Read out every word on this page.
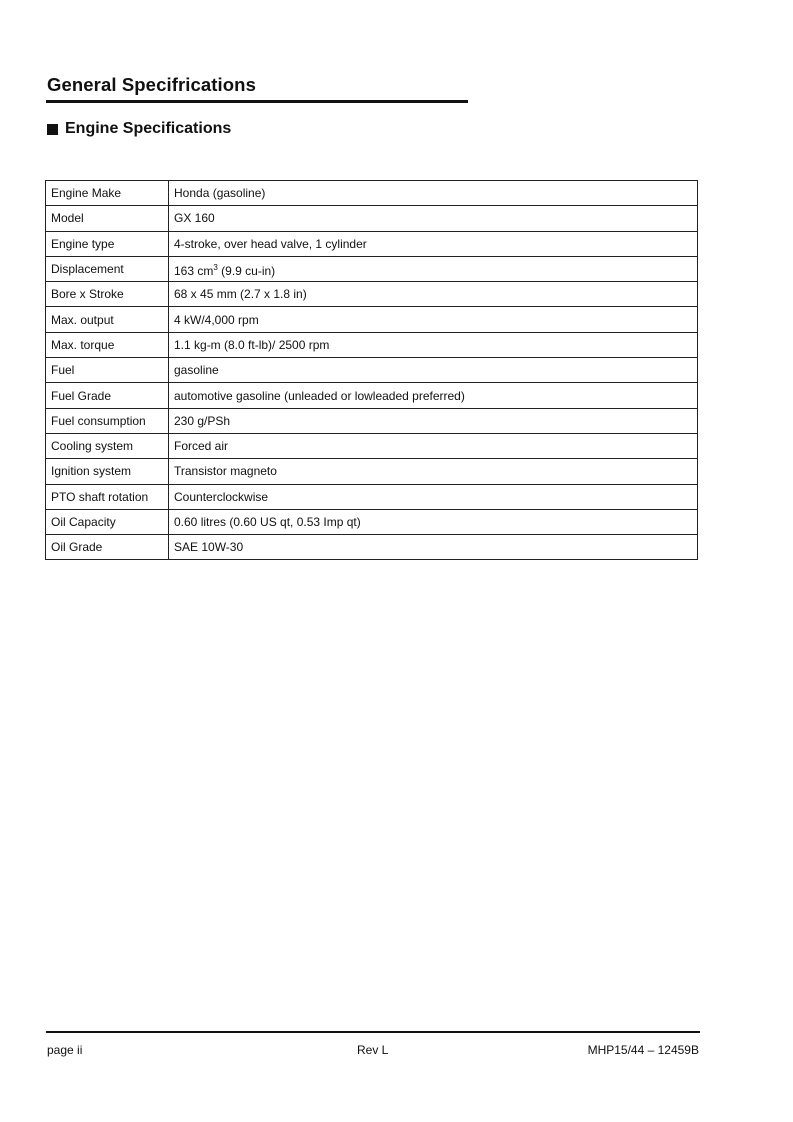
General Specifrications
Engine Specifications
Engine Make	Honda (gasoline)
Model	GX 160
Engine type	4-stroke, over head valve, 1 cylinder
Displacement	163 $cm^3$ (9.9 cu-in)
Bore x Stroke	68 x 45 mm (2.7 x 1.8 in)
Max. output	4 kW/4,000 rpm
Max. torque	1.1 kg-m (8.0 ft-lb)/ 2500 rpm
Fuel	gasoline
Fuel Grade	automotive gasoline (unleaded or lowleaded preferred)
Fuel consumption	230 g/PSh
Cooling system	Forced air
Ignition system	Transistor magneto
PTO shaft rotation	Counterclockwise
Oil Capacity	0.60 litres (0.60 US qt, 0.53 Imp qt)
Oil Grade	SAE 10W-30
page ii	Rev L	MHP15/44 – 12459B
